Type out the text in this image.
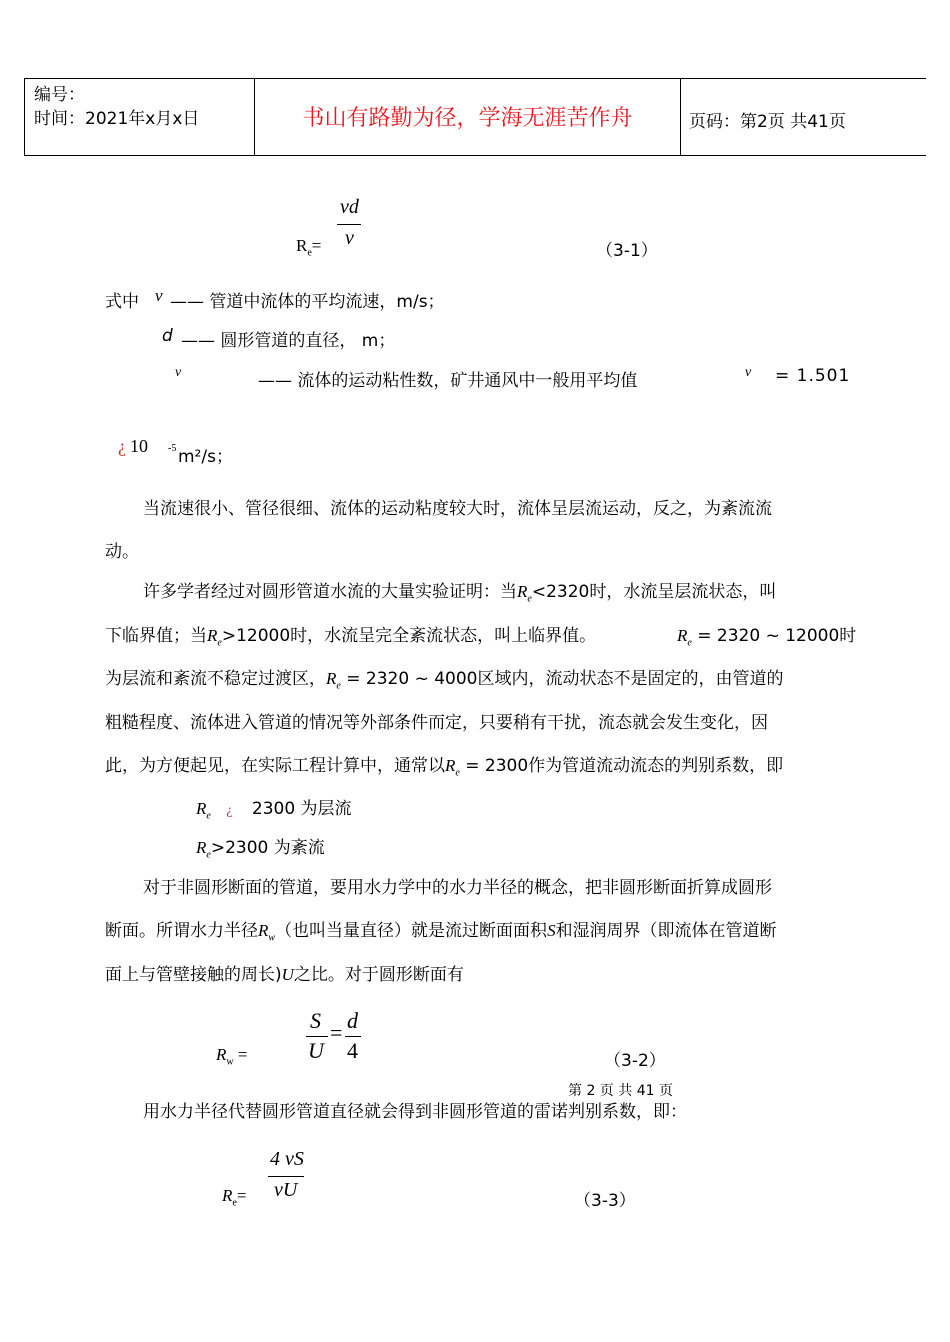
编号：
时间：2021年x月x日	书山有路勤为径，学海无涯苦作舟	页码：第2页 共41页
vd
v
$R_e=$	（3-1）
式中 v —— 管道中流体的平均流速，m/s；
d —— 圆形管道的直径， m；
v	—— 流体的运动粘性数，矿井通风中一般用平均值	v = 1.501
¿ 10 -5 m²/s；
当流速很小、管径很细、流体的运动粘度较大时，流体呈层流运动，反之，为紊流流
动。
许多学者经过对圆形管道水流的大量实验证明：当$R_e<2320$时，水流呈层流状态，叫
下临界值；当$R_e>12000$时，水流呈完全紊流状态，叫上临界值。	$R_e = 2320$ ~ 12000时
为层流和紊流不稳定过渡区，$R_e = 2320$ ~ 4000区域内，流动状态不是固定的，由管道的
粗糙程度、流体进入管道的情况等外部条件而定，只要稍有干扰，流态就会发生变化，因
此，为方便起见，在实际工程计算中，通常以$R_e = 2300$作为管道流动流态的判别系数，即
$R_e$ ¿ 2300 为层流
$R_e>2300$ 为紊流
对于非圆形断面的管道，要用水力学中的水力半径的概念，把非圆形断面折算成圆形
断面。所谓水力半径$R_w$（也叫当量直径）就是流过断面面积S和湿润周界（即流体在管道断
面上与管壁接触的周长)U之比。对于圆形断面有
S
U
= d
4
$R_w$ =	（3-2）
第 2 页 共 41 页
用水力半径代替圆形管道直径就会得到非圆形管道的雷诺判别系数，即：
4 vS
vU
$R_e=$	（3-3）
